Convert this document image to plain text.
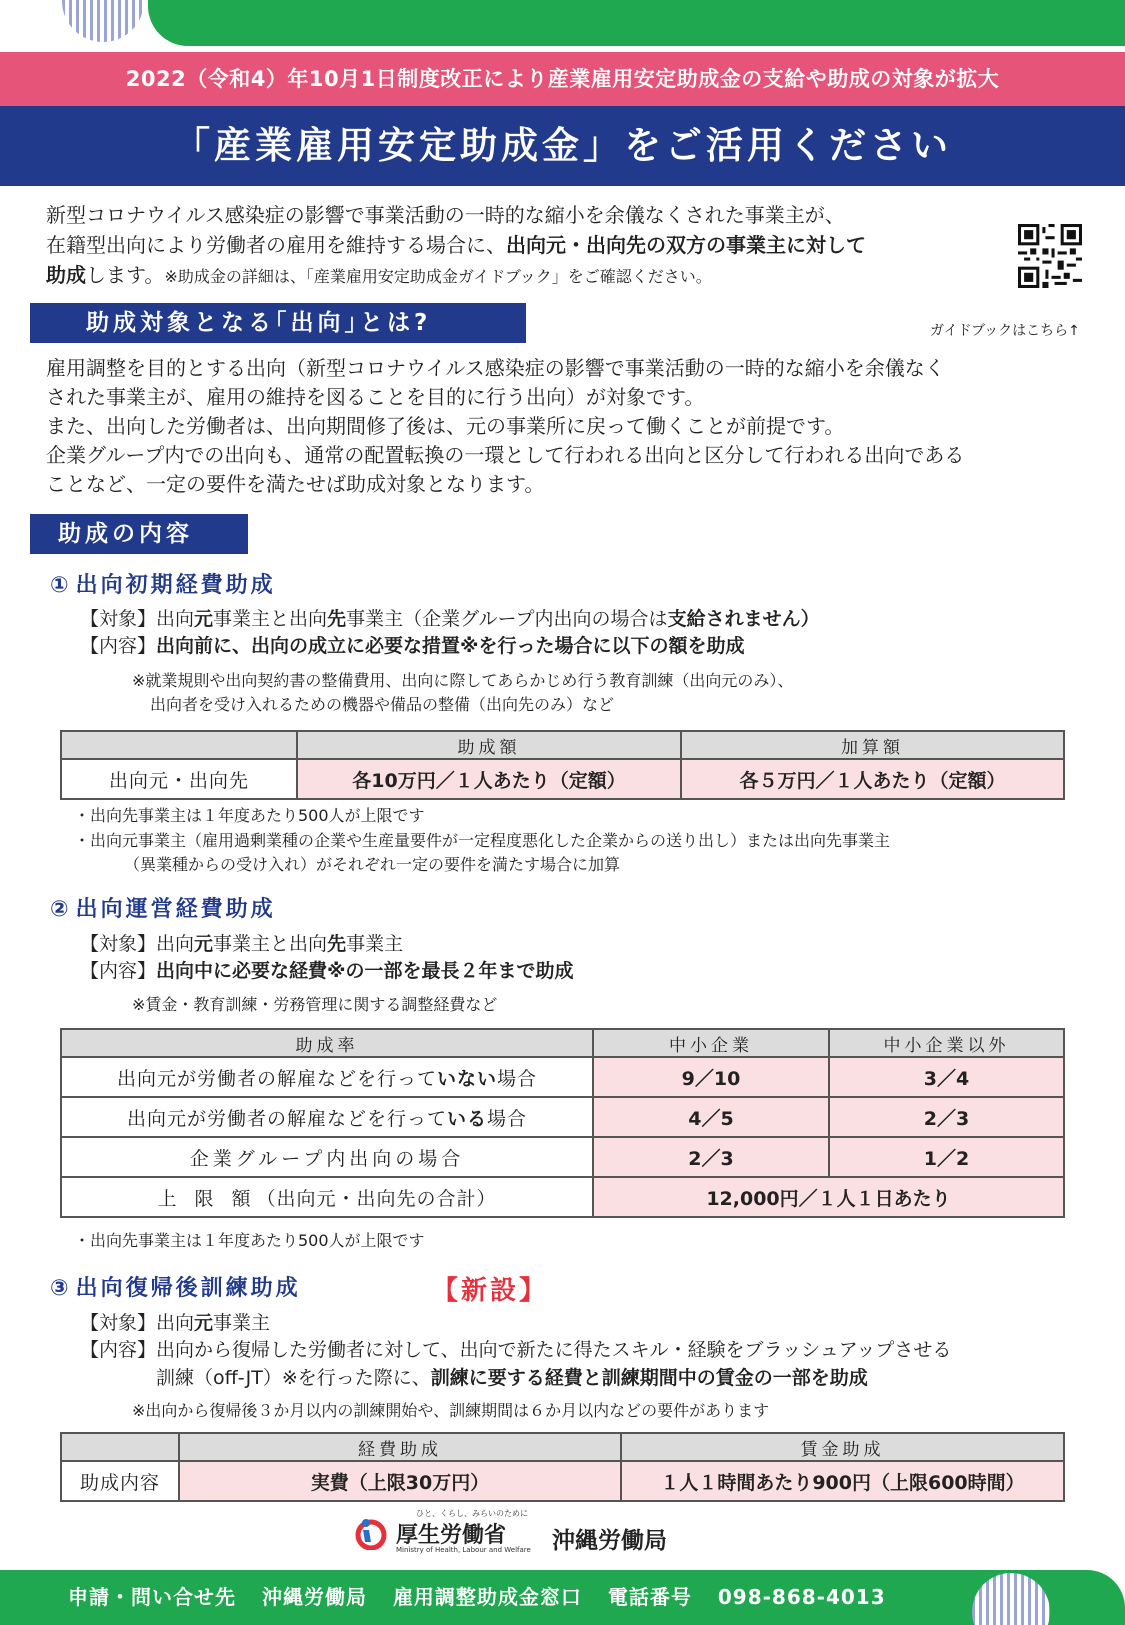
2022（令和4）年10月1日制度改正により産業雇用安定助成金の支給や助成の対象が拡大
「産業雇用安定助成金」をご活用ください
新型コロナウイルス感染症の影響で事業活動の一時的な縮小を余儀なくされた事業主が、
在籍型出向により労働者の雇用を維持する場合に、出向元・出向先の双方の事業主に対して
助成します。※助成金の詳細は、「産業雇用安定助成金ガイドブック」をご確認ください。
助成対象となる｢出向｣とは?	ガイドブックはこちら↑
雇用調整を目的とする出向（新型コロナウイルス感染症の影響で事業活動の一時的な縮小を余儀なく
された事業主が、雇用の維持を図ることを目的に行う出向）が対象です。
また、出向した労働者は、出向期間修了後は、元の事業所に戻って働くことが前提です。
企業グループ内での出向も、通常の配置転換の一環として行われる出向と区分して行われる出向である
ことなど、一定の要件を満たせば助成対象となります。
助成の内容
① 出向初期経費助成
【対象】出向元事業主と出向先事業主（企業グループ内出向の場合は支給されません）
【内容】出向前に、出向の成立に必要な措置※を行った場合に以下の額を助成
※就業規則や出向契約書の整備費用、出向に際してあらかじめ行う教育訓練（出向元のみ）、
出向者を受け入れるための機器や備品の整備（出向先のみ）など
	助成額	加算額
出向元・出向先	各10万円／１人あたり（定額）	各５万円／１人あたり（定額）
・出向先事業主は１年度あたり500人が上限です
・出向元事業主（雇用過剰業種の企業や生産量要件が一定程度悪化した企業からの送り出し）または出向先事業主
（異業種からの受け入れ）がそれぞれ一定の要件を満たす場合に加算
② 出向運営経費助成
【対象】出向元事業主と出向先事業主
【内容】出向中に必要な経費※の一部を最長２年まで助成
※賃金・教育訓練・労務管理に関する調整経費など
助成率	中小企業	中小企業以外
出向元が労働者の解雇などを行っていない場合	9／10	3／4
出向元が労働者の解雇などを行っている場合	4／5	2／3
企業グループ内出向の場合	2／3	1／2
上 限 額（出向元・出向先の合計）	12,000円／１人１日あたり	
・出向先事業主は１年度あたり500人が上限です
③ 出向復帰後訓練助成	【新設】
【対象】出向元事業主
【内容】出向から復帰した労働者に対して、出向で新たに得たスキル・経験をブラッシュアップさせる
訓練（off-JT）※を行った際に、訓練に要する経費と訓練期間中の賃金の一部を助成
※出向から復帰後３か月以内の訓練開始や、訓練期間は６か月以内などの要件があります
	経費助成	賃金助成
助成内容	実費（上限30万円）	１人１時間あたり900円（上限600時間）
ひと、くらし、みらいのために
厚生労働省
Ministry of Health, Labour and Welfare 沖縄労働局
申請・問い合せ先 沖縄労働局 雇用調整助成金窓口 電話番号 098-868-4013
